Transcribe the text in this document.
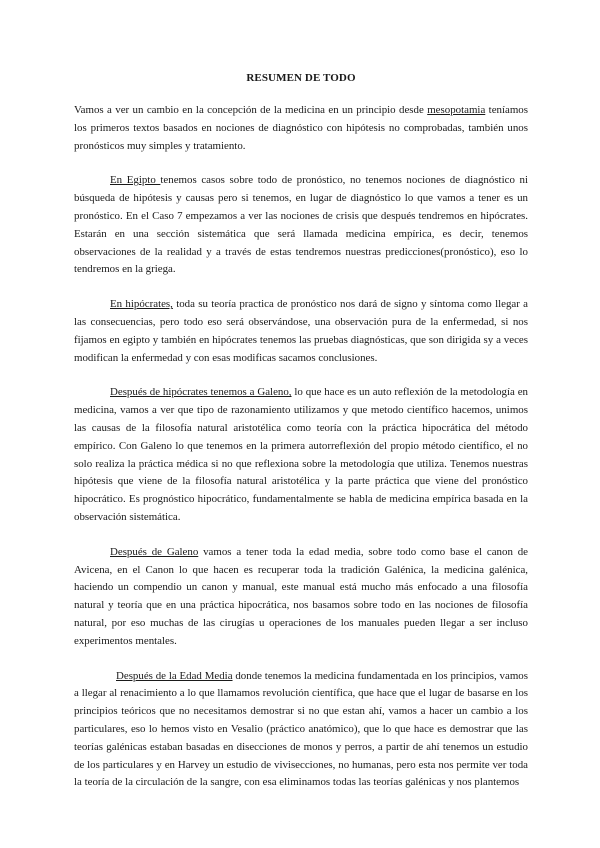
RESUMEN DE TODO

Vamos a ver un cambio en la concepción de la medicina en un principio desde mesopotamia teníamos los primeros textos basados en nociones de diagnóstico con hipótesis no comprobadas, también unos pronósticos muy simples y tratamiento.

En Egipto tenemos casos sobre todo de pronóstico, no tenemos nociones de diagnóstico ni búsqueda de hipótesis y causas pero si tenemos, en lugar de diagnóstico lo que vamos a tener es un pronóstico. En el Caso 7 empezamos a ver las nociones de crisis que después tendremos en hipócrates. Estarán en una sección sistemática que será llamada medicina empírica, es decir, tenemos observaciones de la realidad y a través de estas tendremos nuestras predicciones(pronóstico), eso lo tendremos en la griega.

En hipócrates, toda su teoría practica de pronóstico nos dará de signo y síntoma como llegar a las consecuencias, pero todo eso será observándose, una observación pura de la enfermedad, si nos fijamos en egipto y también en hipócrates tenemos las pruebas diagnósticas, que son dirigida sy a veces modifican la enfermedad y con esas modificas sacamos conclusiones.

Después de hipócrates tenemos a Galeno, lo que hace es un auto reflexión de la metodología en medicina, vamos a ver que tipo de razonamiento utilizamos y que metodo científico hacemos, unimos las causas de la filosofía natural aristotélica como teoría con la práctica hipocrática del método empírico. Con Galeno lo que tenemos en la primera autorreflexión del propio método científico, el no solo realiza la práctica médica si no que reflexiona sobre la metodología que utiliza. Tenemos nuestras hipótesis que viene de la filosofía natural aristotélica y la parte práctica que viene del pronóstico hipocrático. Es prognóstico hipocrático, fundamentalmente se habla de medicina empírica basada en la observación sistemática.

Después de Galeno vamos a tener toda la edad media, sobre todo como base el canon de Avicena, en el Canon lo que hacen es recuperar toda la tradición Galénica, la medicina galénica, haciendo un compendio un canon y manual, este manual está mucho más enfocado a una filosofía natural y teoría que en una práctica hipocrática, nos basamos sobre todo en las nociones de filosofía natural, por eso muchas de las cirugías u operaciones de los manuales pueden llegar a ser incluso experimentos mentales.

Después de la Edad Media donde tenemos la medicina fundamentada en los principios, vamos a llegar al renacimiento a lo que llamamos revolución científica, que hace que el lugar de basarse en los principios teóricos que no necesitamos demostrar si no que estan ahí, vamos a hacer un cambio a los particulares, eso lo hemos visto en Vesalio (práctico anatómico), que lo que hace es demostrar que las teorías galénicas estaban basadas en disecciones de monos y perros, a partir de ahí tenemos un estudio de los particulares y en Harvey un estudio de vivisecciones, no humanas, pero esta nos permite ver toda la teoría de la circulación de la sangre, con esa eliminamos todas las teorías galénicas y nos plantemos
